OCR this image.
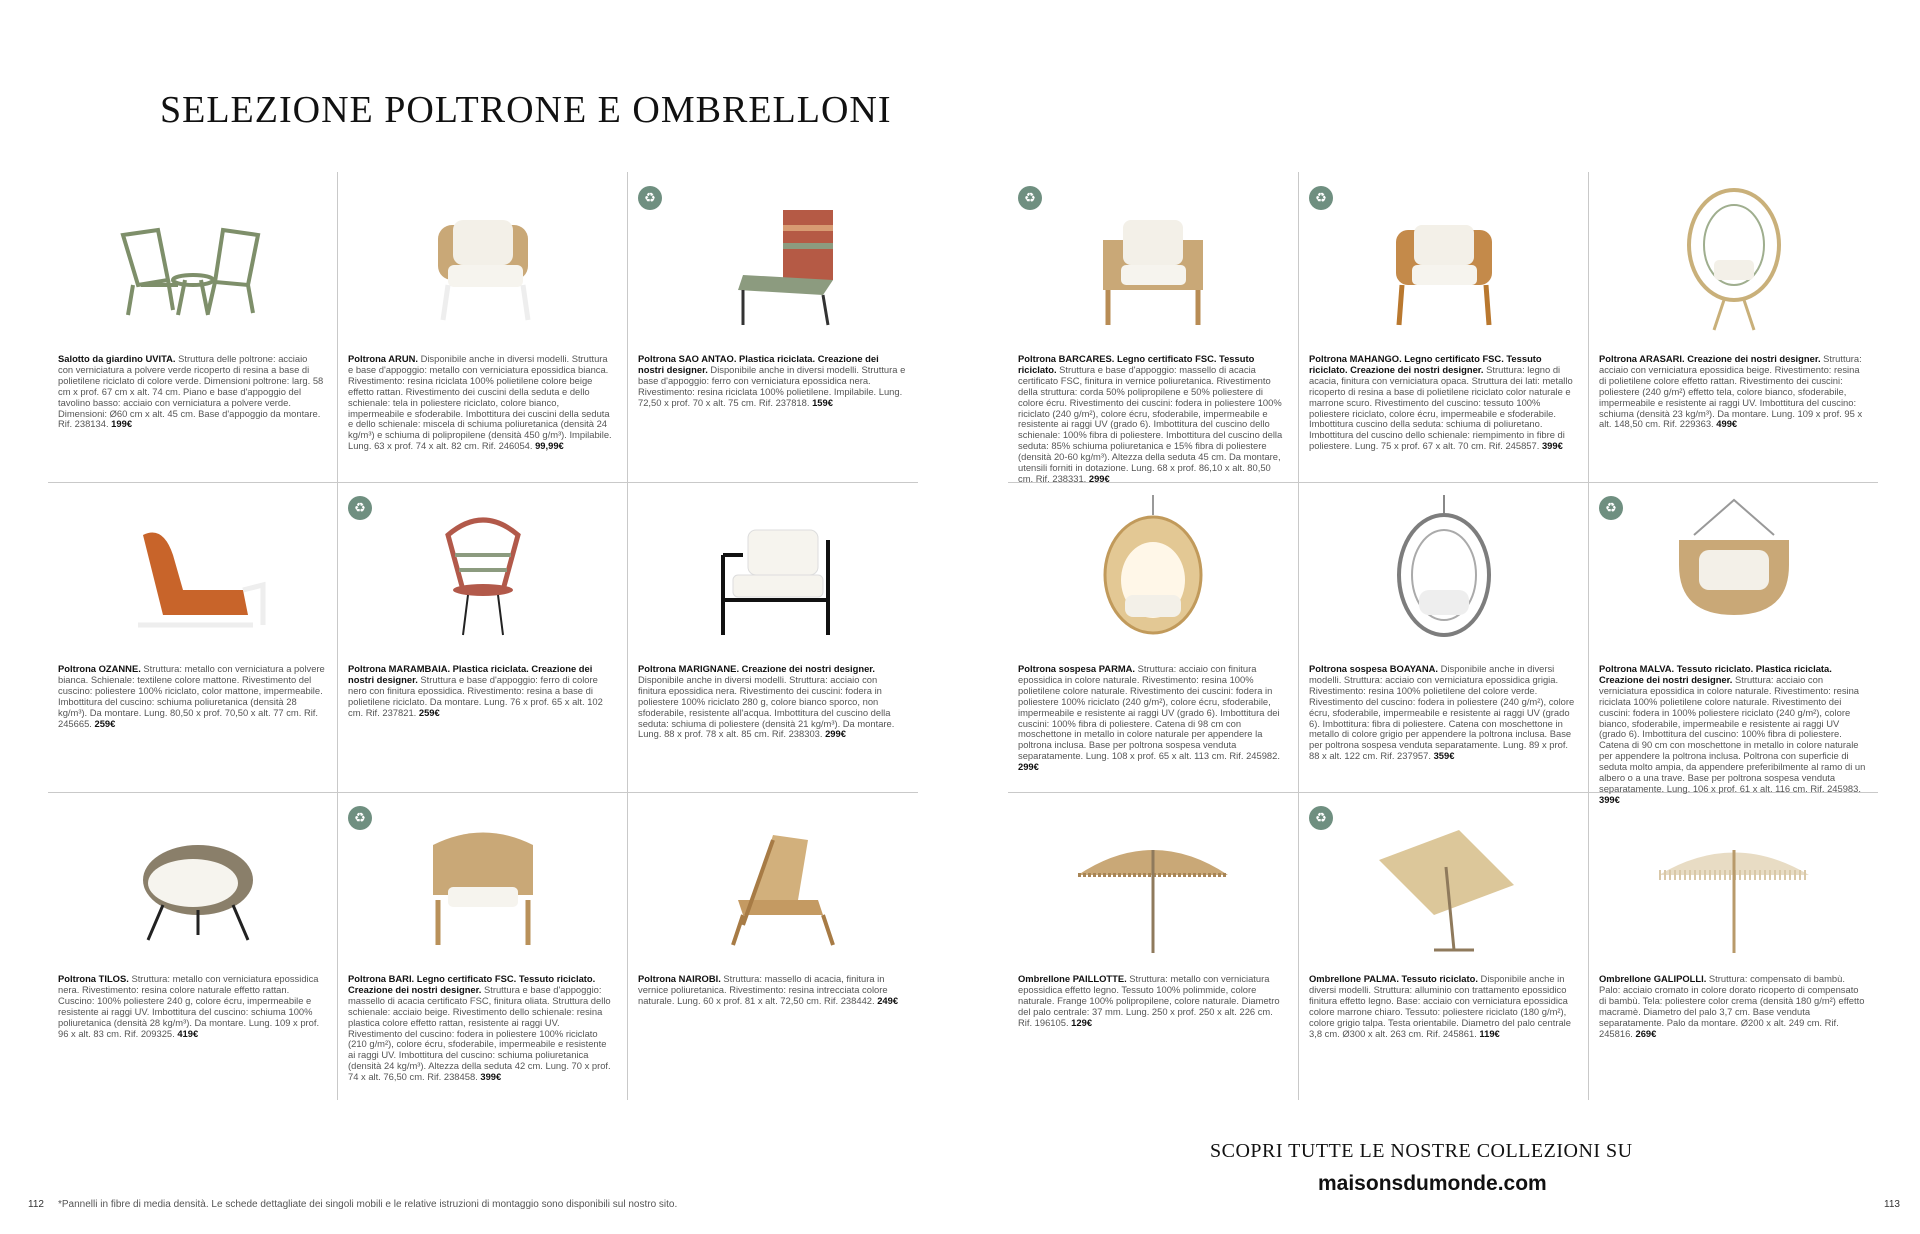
SELEZIONE POLTRONE E OMBRELLONI
Salotto da giardino UVITA. Struttura delle poltrone: acciaio con verniciatura a polvere verde ricoperto di resina a base di polietilene riciclato di colore verde. Dimensioni poltrone: larg. 58 cm x prof. 67 cm x alt. 74 cm. Piano e base d'appoggio del tavolino basso: acciaio con verniciatura a polvere verde. Dimensioni: Ø60 cm x alt. 45 cm. Base d'appoggio da montare. Rif. 238134. 199€
Poltrona ARUN. Disponibile anche in diversi modelli. Struttura e base d'appoggio: metallo con verniciatura epossidica bianca. Rivestimento: resina riciclata 100% polietilene colore beige effetto rattan. Rivestimento dei cuscini della seduta e dello schienale: tela in poliestere riciclato, colore bianco, impermeabile e sfoderabile. Imbottitura dei cuscini della seduta e dello schienale: miscela di schiuma poliuretanica (densità 24 kg/m³) e schiuma di polipropilene (densità 450 g/m³). Impilabile. Lung. 63 x prof. 74 x alt. 82 cm. Rif. 246054. 99,99€
♻
Poltrona SAO ANTAO. Plastica riciclata. Creazione dei nostri designer. Disponibile anche in diversi modelli. Struttura e base d'appoggio: ferro con verniciatura epossidica nera. Rivestimento: resina riciclata 100% polietilene. Impilabile. Lung. 72,50 x prof. 70 x alt. 75 cm. Rif. 237818. 159€
♻
Poltrona BARCARES. Legno certificato FSC. Tessuto riciclato. Struttura e base d'appoggio: massello di acacia certificato FSC, finitura in vernice poliuretanica. Rivestimento della struttura: corda 50% polipropilene e 50% poliestere di colore écru. Rivestimento dei cuscini: fodera in poliestere 100% riciclato (240 g/m²), colore écru, sfoderabile, impermeabile e resistente ai raggi UV (grado 6). Imbottitura del cuscino dello schienale: 100% fibra di poliestere. Imbottitura del cuscino della seduta: 85% schiuma poliuretanica e 15% fibra di poliestere (densità 20-60 kg/m³). Altezza della seduta 45 cm. Da montare, utensili forniti in dotazione. Lung. 68 x prof. 86,10 x alt. 80,50 cm. Rif. 238331. 299€
♻
Poltrona MAHANGO. Legno certificato FSC. Tessuto riciclato. Creazione dei nostri designer. Struttura: legno di acacia, finitura con verniciatura opaca. Struttura dei lati: metallo ricoperto di resina a base di polietilene riciclato color naturale e marrone scuro. Rivestimento del cuscino: tessuto 100% poliestere riciclato, colore écru, impermeabile e sfoderabile. Imbottitura cuscino della seduta: schiuma di poliuretano. Imbottitura del cuscino dello schienale: riempimento in fibre di poliestere. Lung. 75 x prof. 67 x alt. 70 cm. Rif. 245857. 399€
Poltrona ARASARI. Creazione dei nostri designer. Struttura: acciaio con verniciatura epossidica beige. Rivestimento: resina di polietilene colore effetto rattan. Rivestimento dei cuscini: poliestere (240 g/m²) effetto tela, colore bianco, sfoderabile, impermeabile e resistente ai raggi UV. Imbottitura del cuscino: schiuma (densità 23 kg/m³). Da montare. Lung. 109 x prof. 95 x alt. 148,50 cm. Rif. 229363. 499€
Poltrona OZANNE. Struttura: metallo con verniciatura a polvere bianca. Schienale: textilene colore mattone. Rivestimento del cuscino: poliestere 100% riciclato, color mattone, impermeabile. Imbottitura del cuscino: schiuma poliuretanica (densità 28 kg/m³). Da montare. Lung. 80,50 x prof. 70,50 x alt. 77 cm. Rif. 245665. 259€
♻
Poltrona MARAMBAIA. Plastica riciclata. Creazione dei nostri designer. Struttura e base d'appoggio: ferro di colore nero con finitura epossidica. Rivestimento: resina a base di polietilene riciclato. Da montare. Lung. 76 x prof. 65 x alt. 102 cm. Rif. 237821. 259€
Poltrona MARIGNANE. Creazione dei nostri designer. Disponibile anche in diversi modelli. Struttura: acciaio con finitura epossidica nera. Rivestimento dei cuscini: fodera in poliestere 100% riciclato 280 g, colore bianco sporco, non sfoderabile, resistente all'acqua. Imbottitura del cuscino della seduta: schiuma di poliestere (densità 21 kg/m³). Da montare. Lung. 88 x prof. 78 x alt. 85 cm. Rif. 238303. 299€
Poltrona sospesa PARMA. Struttura: acciaio con finitura epossidica in colore naturale. Rivestimento: resina 100% polietilene colore naturale. Rivestimento dei cuscini: fodera in poliestere 100% riciclato (240 g/m²), colore écru, sfoderabile, impermeabile e resistente ai raggi UV (grado 6). Imbottitura dei cuscini: 100% fibra di poliestere. Catena di 98 cm con moschettone in metallo in colore naturale per appendere la poltrona inclusa. Base per poltrona sospesa venduta separatamente. Lung. 108 x prof. 65 x alt. 113 cm. Rif. 245982. 299€
Poltrona sospesa BOAYANA. Disponibile anche in diversi modelli. Struttura: acciaio con verniciatura epossidica grigia. Rivestimento: resina 100% polietilene del colore verde. Rivestimento del cuscino: fodera in poliestere (240 g/m²), colore écru, sfoderabile, impermeabile e resistente ai raggi UV (grado 6). Imbottitura: fibra di poliestere. Catena con moschettone in metallo di colore grigio per appendere la poltrona inclusa. Base per poltrona sospesa venduta separatamente. Lung. 89 x prof. 88 x alt. 122 cm. Rif. 237957. 359€
♻
Poltrona MALVA. Tessuto riciclato. Plastica riciclata. Creazione dei nostri designer. Struttura: acciaio con verniciatura epossidica in colore naturale. Rivestimento: resina riciclata 100% polietilene colore naturale. Rivestimento dei cuscini: fodera in 100% poliestere riciclato (240 g/m²), colore bianco, sfoderabile, impermeabile e resistente ai raggi UV (grado 6). Imbottitura del cuscino: 100% fibra di poliestere. Catena di 90 cm con moschettone in metallo in colore naturale per appendere la poltrona inclusa. Poltrona con superficie di seduta molto ampia, da appendere preferibilmente al ramo di un albero o a una trave. Base per poltrona sospesa venduta separatamente. Lung. 106 x prof. 61 x alt. 116 cm. Rif. 245983. 399€
Poltrona TILOS. Struttura: metallo con verniciatura epossidica nera. Rivestimento: resina colore naturale effetto rattan. Cuscino: 100% poliestere 240 g, colore écru, impermeabile e resistente ai raggi UV. Imbottitura del cuscino: schiuma 100% poliuretanica (densità 28 kg/m³). Da montare. Lung. 109 x prof. 96 x alt. 83 cm. Rif. 209325. 419€
♻
Poltrona BARI. Legno certificato FSC. Tessuto riciclato. Creazione dei nostri designer. Struttura e base d'appoggio: massello di acacia certificato FSC, finitura oliata. Struttura dello schienale: acciaio beige. Rivestimento dello schienale: resina plastica colore effetto rattan, resistente ai raggi UV. Rivestimento del cuscino: fodera in poliestere 100% riciclato (210 g/m²), colore écru, sfoderabile, impermeabile e resistente ai raggi UV. Imbottitura del cuscino: schiuma poliuretanica (densità 24 kg/m³). Altezza della seduta 42 cm. Lung. 70 x prof. 74 x alt. 76,50 cm. Rif. 238458. 399€
Poltrona NAIROBI. Struttura: massello di acacia, finitura in vernice poliuretanica. Rivestimento: resina intrecciata colore naturale. Lung. 60 x prof. 81 x alt. 72,50 cm. Rif. 238442. 249€
Ombrellone PAILLOTTE. Struttura: metallo con verniciatura epossidica effetto legno. Tessuto 100% polimmide, colore naturale. Frange 100% polipropilene, colore naturale. Diametro del palo centrale: 37 mm. Lung. 250 x prof. 250 x alt. 226 cm. Rif. 196105. 129€
♻
Ombrellone PALMA. Tessuto riciclato. Disponibile anche in diversi modelli. Struttura: alluminio con trattamento epossidico finitura effetto legno. Base: acciaio con verniciatura epossidica colore marrone chiaro. Tessuto: poliestere riciclato (180 g/m²), colore grigio talpa. Testa orientabile. Diametro del palo centrale 3,8 cm. Ø300 x alt. 263 cm. Rif. 245861. 119€
Ombrellone GALIPOLLI. Struttura: compensato di bambù. Palo: acciaio cromato in colore dorato ricoperto di compensato di bambù. Tela: poliestere color crema (densità 180 g/m²) effetto macramè. Diametro del palo 3,7 cm. Base venduta separatamente. Palo da montare. Ø200 x alt. 249 cm. Rif. 245816. 269€
SCOPRI TUTTE LE NOSTRE COLLEZIONI SU
maisonsdumonde.com
112 *Pannelli in fibre di media densità. Le schede dettagliate dei singoli mobili e le relative istruzioni di montaggio sono disponibili sul nostro sito.	113
